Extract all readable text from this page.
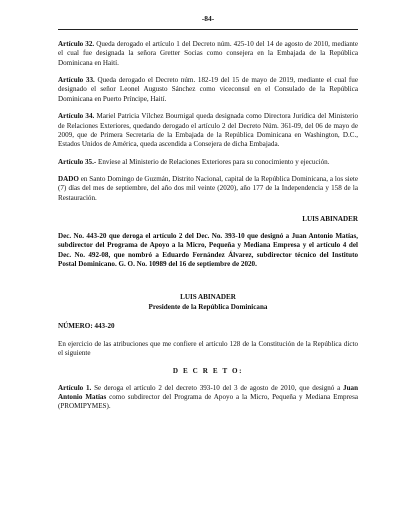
-84-

Artículo 32. Queda derogado el artículo 1 del Decreto núm. 425-10 del 14 de agosto de 2010, mediante el cual fue designada la señora Gretter Socias como consejera en la Embajada de la República Dominicana en Haití.

Artículo 33. Queda derogado el Decreto núm. 182-19 del 15 de mayo de 2019, mediante el cual fue designado el señor Leonel Augusto Sánchez como viceconsul en el Consulado de la República Dominicana en Puerto Príncipe, Haití.

Artículo 34. Mariel Patricia Vílchez Bournigal queda designada como Directora Jurídica del Ministerio de Relaciones Exteriores, quedando derogado el artículo 2 del Decreto Núm. 361-09, del 06 de mayo de 2009, que de Primera Secretaria de la Embajada de la República Dominicana en Washington, D.C., Estados Unidos de América, queda ascendida a Consejera de dicha Embajada.

Artículo 35.- Envíese al Ministerio de Relaciones Exteriores para su conocimiento y ejecución.

DADO en Santo Domingo de Guzmán, Distrito Nacional, capital de la República Dominicana, a los siete (7) días del mes de septiembre, del año dos mil veinte (2020), año 177 de la Independencia y 158 de la Restauración.

LUIS ABINADER
Dec. No. 443-20 que deroga el artículo 2 del Dec. No. 393-10 que designó a Juan Antonio Matías, subdirector del Programa de Apoyo a la Micro, Pequeña y Mediana Empresa y el artículo 4 del Dec. No. 492-08, que nombró a Eduardo Fernández Álvarez, subdirector técnico del Instituto Postal Dominicano. G. O. No. 10989 del 16 de septiembre de 2020.

LUIS ABINADER

Presidente de la República Dominicana

NÚMERO: 443-20

En ejercicio de las atribuciones que me confiere el artículo 128 de la Constitución de la República dicto el siguiente

D E C R E T O:

Artículo 1. Se deroga el artículo 2 del decreto 393-10 del 3 de agosto de 2010, que designó a Juan Antonio Matías como subdirector del Programa de Apoyo a la Micro, Pequeña y Mediana Empresa (PROMIPYMES).
